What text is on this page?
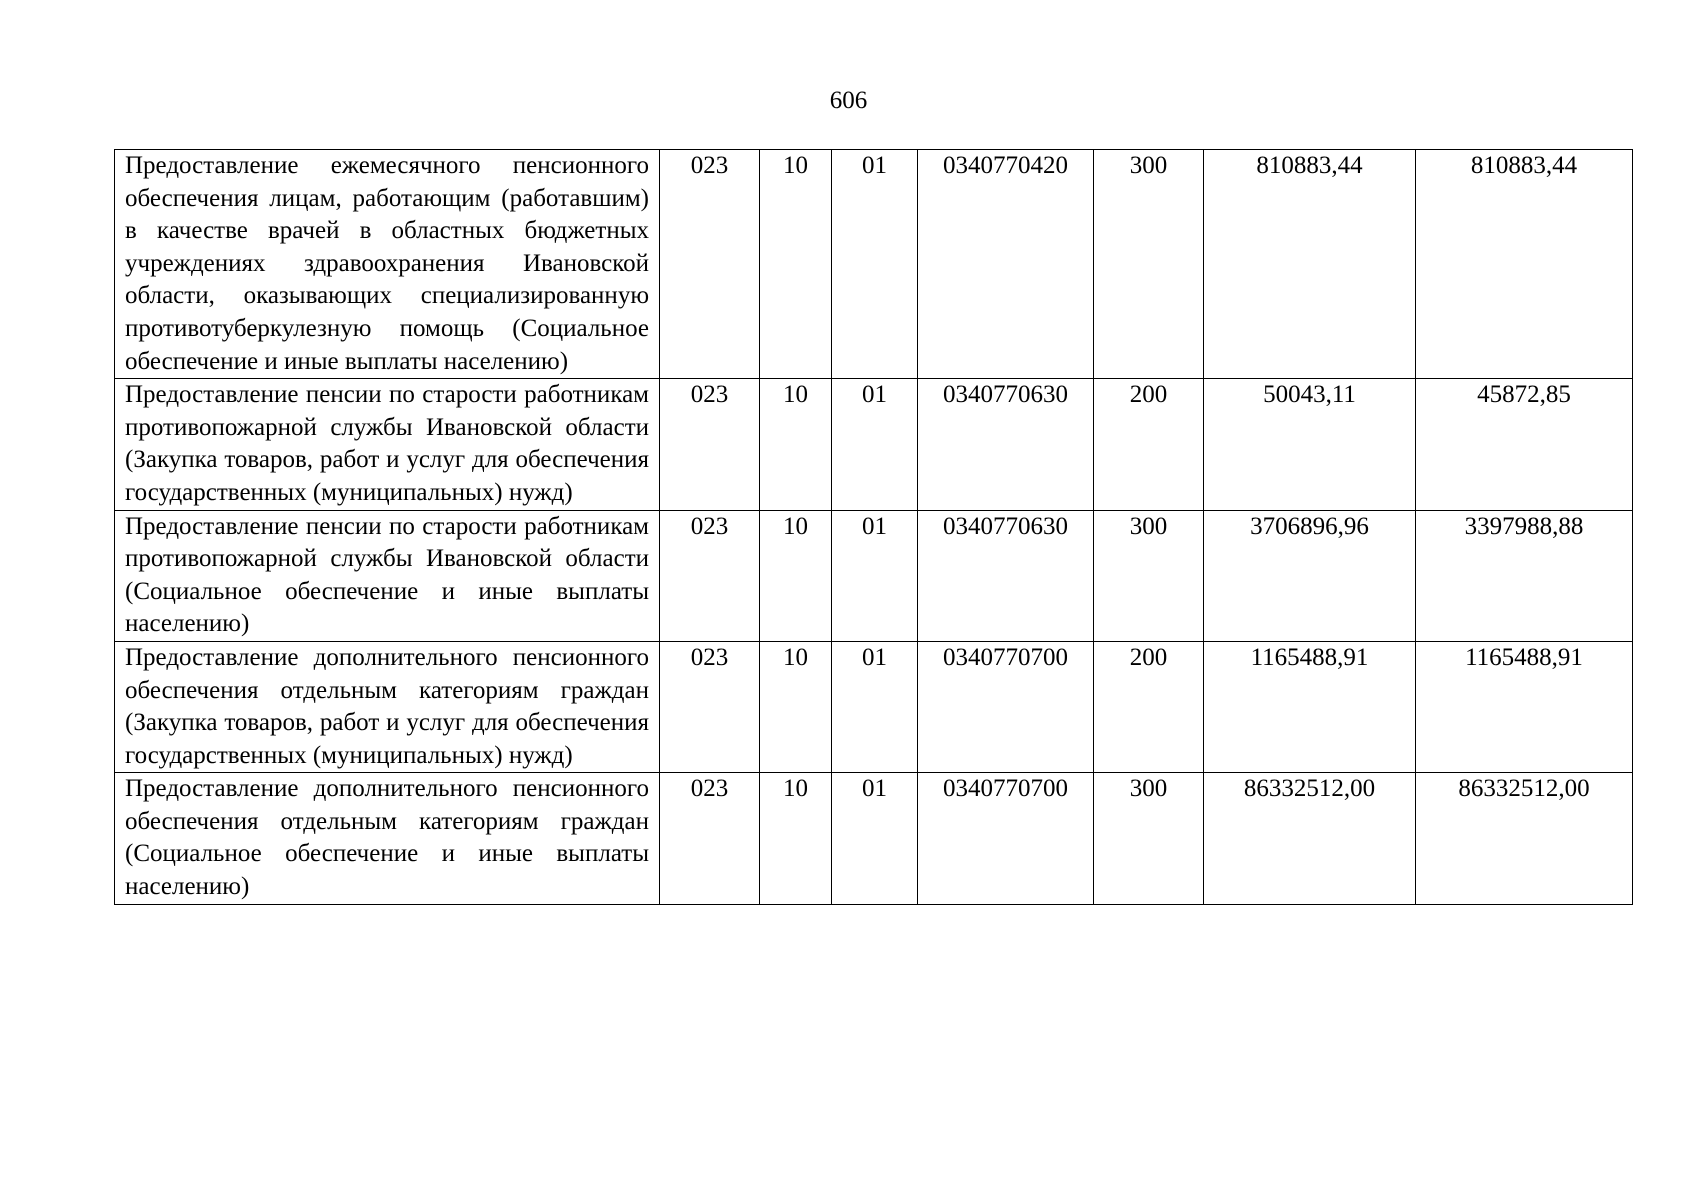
606
Предоставление ежемесячного пенсионного обеспечения лицам, работающим (работавшим) в качестве врачей в областных бюджетных учреждениях здравоохранения Ивановской области, оказывающих специализированную противотуберкулезную помощь (Социальное обеспечение и иные выплаты населению)	023	10	01	0340770420	300	810883,44	810883,44
Предоставление пенсии по старости работникам противопожарной службы Ивановской области (Закупка товаров, работ и услуг для обеспечения государственных (муниципальных) нужд)	023	10	01	0340770630	200	50043,11	45872,85
Предоставление пенсии по старости работникам противопожарной службы Ивановской области (Социальное обеспечение и иные выплаты населению)	023	10	01	0340770630	300	3706896,96	3397988,88
Предоставление дополнительного пенсионного обеспечения отдельным категориям граждан (Закупка товаров, работ и услуг для обеспечения государственных (муниципальных) нужд)	023	10	01	0340770700	200	1165488,91	1165488,91
Предоставление дополнительного пенсионного обеспечения отдельным категориям граждан (Социальное обеспечение и иные выплаты населению)	023	10	01	0340770700	300	86332512,00	86332512,00
